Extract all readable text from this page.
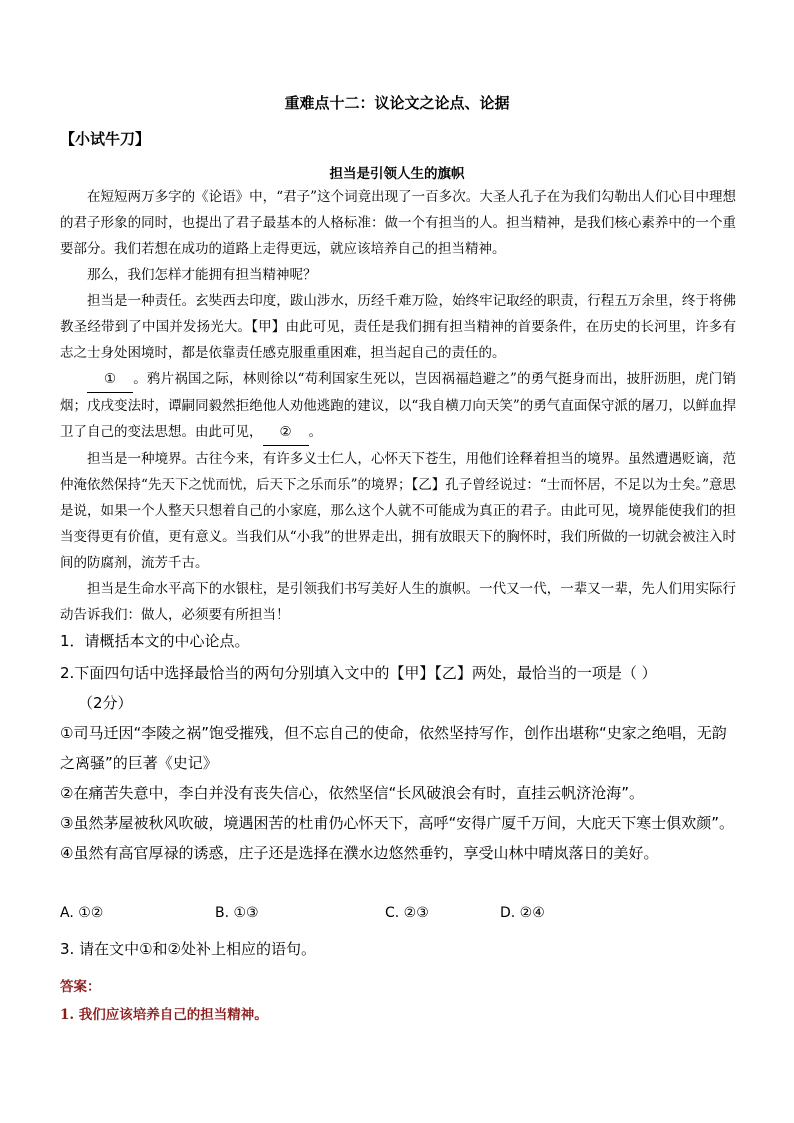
重难点十二：议论文之论点、论据
【小试牛刀】
担当是引领人生的旗帜

在短短两万多字的《论语》中，“君子”这个词竟出现了一百多次。大圣人孔子在为我们勾勒出人们心目中理想的君子形象的同时，也提出了君子最基本的人格标准：做一个有担当的人。担当精神，是我们核心素养中的一个重要部分。我们若想在成功的道路上走得更远，就应该培养自己的担当精神。

那么，我们怎样才能拥有担当精神呢？

担当是一种责任。玄奘西去印度，跋山涉水，历经千难万险，始终牢记取经的职责，行程五万余里，终于将佛教圣经带到了中国并发扬光大。【甲】由此可见，责任是我们拥有担当精神的首要条件，在历史的长河里，许多有志之士身处困境时，都是依靠责任感克服重重困难，担当起自己的责任的。

① 。鸦片祸国之际，林则徐以“苟利国家生死以，岂因祸福趋避之”的勇气挺身而出，披肝沥胆，虎门销烟；戊戌变法时，谭嗣同毅然拒绝他人劝他逃跑的建议，以“我自横刀向天笑”的勇气直面保守派的屠刀，以鲜血捍卫了自己的变法思想。由此可见， ② 。

担当是一种境界。古往今来，有许多义士仁人，心怀天下苍生，用他们诠释着担当的境界。虽然遭遇贬谪，范仲淹依然保持“先天下之忧而忧，后天下之乐而乐”的境界；【乙】孔子曾经说过：“士而怀居，不足以为士矣。”意思是说，如果一个人整天只想着自己的小家庭，那么这个人就不可能成为真正的君子。由此可见，境界能使我们的担当变得更有价值，更有意义。当我们从“小我”的世界走出，拥有放眼天下的胸怀时，我们所做的一切就会被注入时间的防腐剂，流芳千古。

担当是生命水平高下的水银柱，是引领我们书写美好人生的旗帜。一代又一代，一辈又一辈，先人们用实际行动告诉我们：做人，必须要有所担当！

1．请概括本文的中心论点。

2.下面四句话中选择最恰当的两句分别填入文中的【甲】【乙】两处，最恰当的一项是（ ）

（2分）

①司马迁因“李陵之祸”饱受摧残，但不忘自己的使命，依然坚持写作，创作出堪称“史家之绝唱，无韵之离骚”的巨著《史记》

②在痛苦失意中，李白并没有丧失信心，依然坚信“长风破浪会有时，直挂云帆济沧海”。

③虽然茅屋被秋风吹破，境遇困苦的杜甫仍心怀天下，高呼“安得广厦千万间，大庇天下寒士俱欢颜”。

④虽然有高官厚禄的诱惑，庄子还是选择在濮水边悠然垂钓，享受山林中晴岚落日的美好。

A. ①②	B. ①③	C. ②③	D. ②④
3. 请在文中①和②处补上相应的语句。
答案：
1. 我们应该培养自己的担当精神。
